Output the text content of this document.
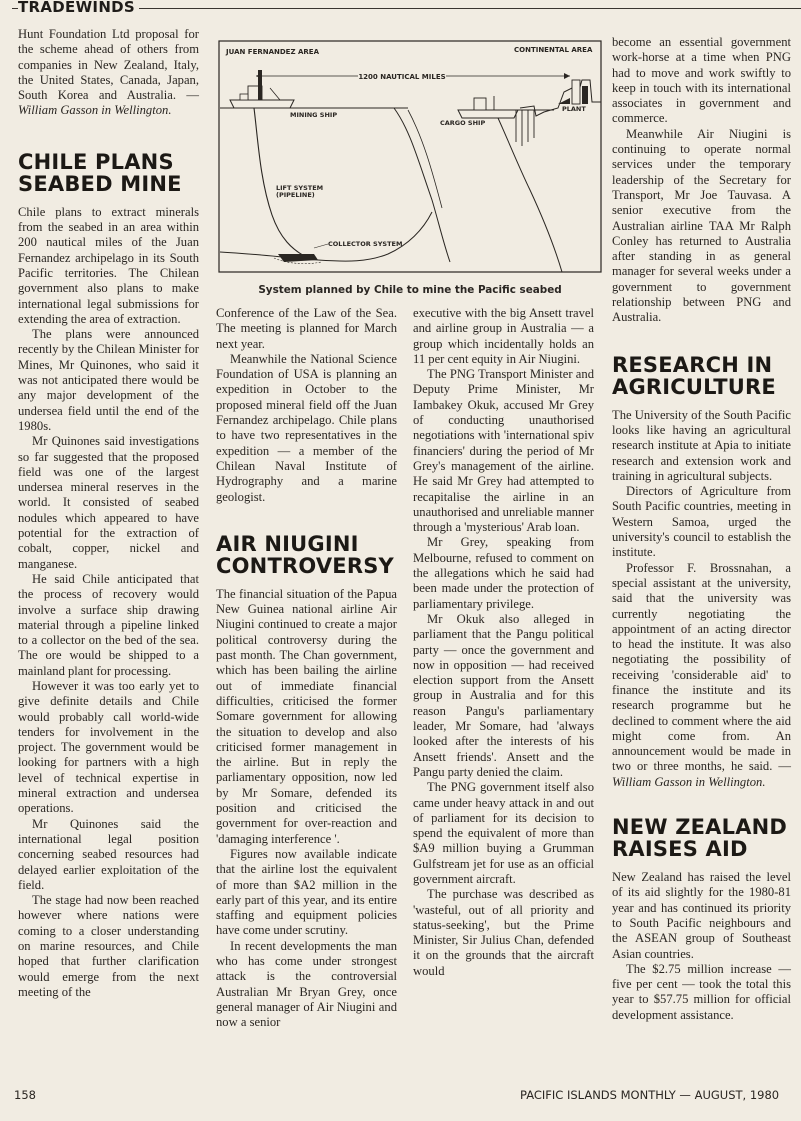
TRADEWINDS

Hunt Foundation Ltd proposal for the scheme ahead of others from companies in New Zealand, Italy, the United States, Canada, Japan, South Korea and Australia. — William Gasson in Wellington.

CHILE PLANS SEABED MINE

Chile plans to extract minerals from the seabed in an area within 200 nautical miles of the Juan Fernandez archipelago in its South Pacific territories. The Chilean government also plans to make international legal submissions for extending the area of extraction.

The plans were announced recently by the Chilean Minister for Mines, Mr Quinones, who said it was not anticipated there would be any major development of the undersea field until the end of the 1980s.

Mr Quinones said investigations so far suggested that the proposed field was one of the largest undersea mineral reserves in the world. It consisted of seabed nodules which appeared to have potential for the extraction of cobalt, copper, nickel and manganese.

He said Chile anticipated that the process of recovery would involve a surface ship drawing material through a pipeline linked to a collector on the bed of the sea. The ore would be shipped to a mainland plant for processing.

However it was too early yet to give definite details and Chile would probably call world-wide tenders for involvement in the project. The government would be looking for partners with a high level of technical expertise in mineral extraction and undersea operations.

Mr Quinones said the international legal position concerning seabed resources had delayed earlier exploitation of the field.

The stage had now been reached however where nations were coming to a closer understanding on marine resources, and Chile hoped that further clarification would emerge from the next meeting of the

JUAN FERNANDEZ AREA	CONTINENTAL AREA
1200 NAUTICAL MILES
COLLECTOR SYSTEM
LIFT SYSTEM
(PIPELINE)
MINING SHIP
CARGO SHIP
PLANT
System planned by Chile to mine the Pacific seabed

Conference of the Law of the Sea. The meeting is planned for March next year.

Meanwhile the National Science Foundation of USA is planning an expedition in October to the proposed mineral field off the Juan Fernandez archipelago. Chile plans to have two representatives in the expedition — a member of the Chilean Naval Institute of Hydrography and a marine geologist.

AIR NIUGINI CONTROVERSY

The financial situation of the Papua New Guinea national airline Air Niugini continued to create a major political controversy during the past month. The Chan government, which has been bailing the airline out of immediate financial difficulties, criticised the former Somare government for allowing the situation to develop and also criticised former management in the airline. But in reply the parliamentary opposition, now led by Mr Somare, defended its position and criticised the government for over-reaction and 'damaging interference '.

Figures now available indicate that the airline lost the equivalent of more than $A2 million in the early part of this year, and its entire staffing and equipment policies have come under scrutiny.

In recent developments the man who has come under strongest attack is the controversial Australian Mr Bryan Grey, once general manager of Air Niugini and now a senior

executive with the big Ansett travel and airline group in Australia — a group which incidentally holds an 11 per cent equity in Air Niugini.

The PNG Transport Minister and Deputy Prime Minister, Mr Iambakey Okuk, accused Mr Grey of conducting unauthorised negotiations with 'international spiv financiers' during the period of Mr Grey's management of the airline. He said Mr Grey had attempted to recapitalise the airline in an unauthorised and unreliable manner through a 'mysterious' Arab loan.

Mr Grey, speaking from Melbourne, refused to comment on the allegations which he said had been made under the protection of parliamentary privilege.

Mr Okuk also alleged in parliament that the Pangu political party — once the government and now in opposition — had received election support from the Ansett group in Australia and for this reason Pangu's parliamentary leader, Mr Somare, had 'always looked after the interests of his Ansett friends'. Ansett and the Pangu party denied the claim.

The PNG government itself also came under heavy attack in and out of parliament for its decision to spend the equivalent of more than $A9 million buying a Grumman Gulfstream jet for use as an official government aircraft.

The purchase was described as 'wasteful, out of all priority and status-seeking', but the Prime Minister, Sir Julius Chan, defended it on the grounds that the aircraft would

become an essential government work-horse at a time when PNG had to move and work swiftly to keep in touch with its international associates in government and commerce.

Meanwhile Air Niugini is continuing to operate normal services under the temporary leadership of the Secretary for Transport, Mr Joe Tauvasa. A senior executive from the Australian airline TAA Mr Ralph Conley has returned to Australia after standing in as general manager for several weeks under a government to government relationship between PNG and Australia.

RESEARCH IN AGRICULTURE

The University of the South Pacific looks like having an agricultural research institute at Apia to initiate research and extension work and training in agricultural subjects.

Directors of Agriculture from South Pacific countries, meeting in Western Samoa, urged the university's council to establish the institute.

Professor F. Brossnahan, a special assistant at the university, said that the university was currently negotiating the appointment of an acting director to head the institute. It was also negotiating the possibility of receiving 'considerable aid' to finance the institute and its research programme but he declined to comment where the aid might come from. An announcement would be made in two or three months, he said. — William Gasson in Wellington.

NEW ZEALAND RAISES AID

New Zealand has raised the level of its aid slightly for the 1980-81 year and has continued its priority to South Pacific neighbours and the ASEAN group of Southeast Asian countries.

The $2.75 million increase — five per cent — took the total this year to $57.75 million for official development assistance.

158	PACIFIC ISLANDS MONTHLY — AUGUST, 1980
